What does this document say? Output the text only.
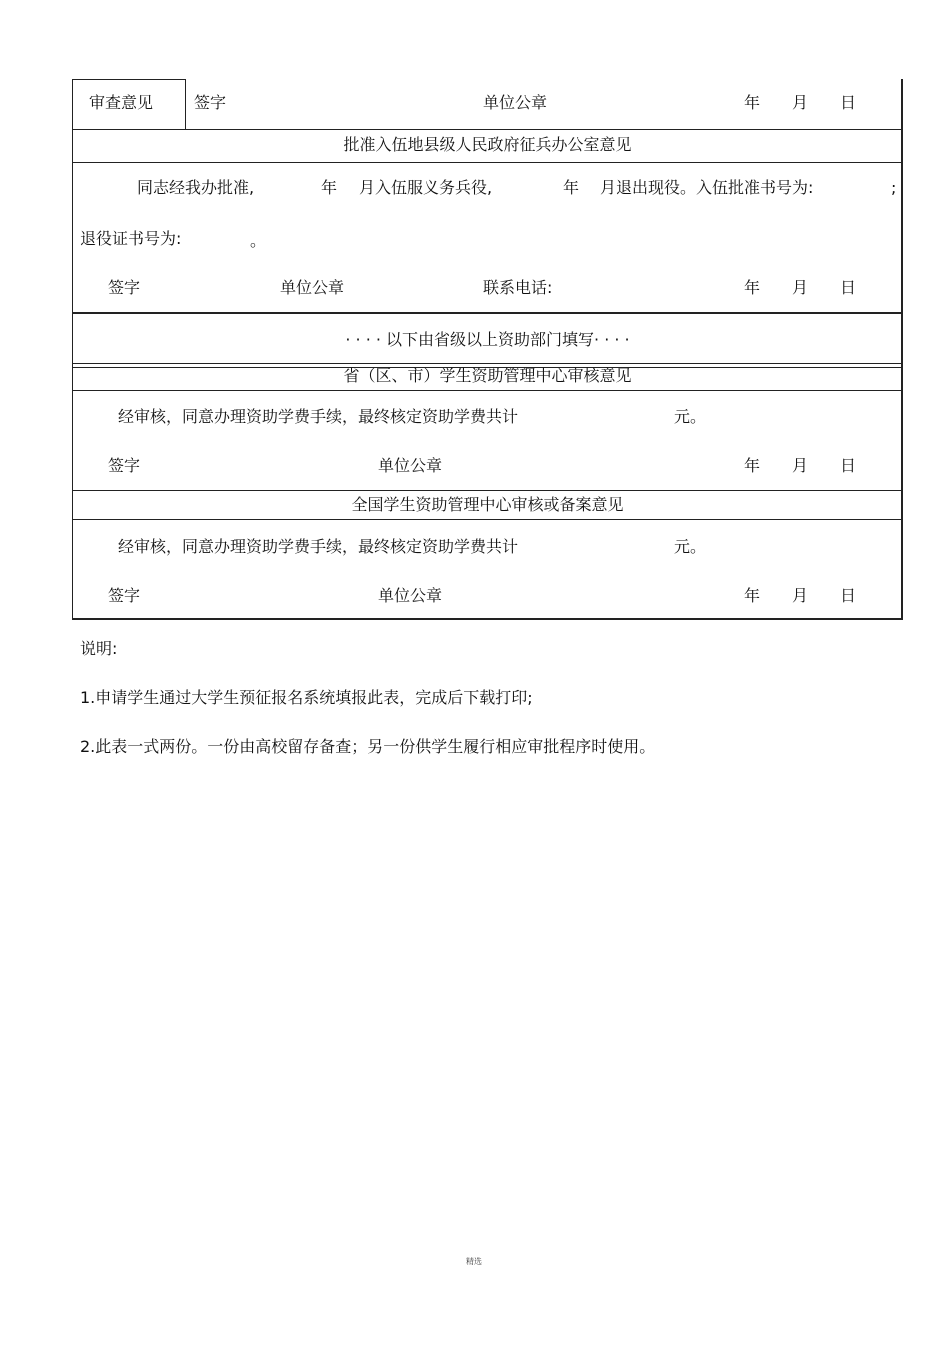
审查意见	签字	单位公章	年 月 日
批准入伍地县级人民政府征兵办公室意见
同志经我办批准,	年 月入伍服义务兵役,	年 月退出现役。入伍批准书号为:	;
退役证书号为:	。
签字	单位公章	联系电话:	年 月 日
· · · · 以下由省级以上资助部门填写· · · ·
省（区、市）学生资助管理中心审核意见
经审核，同意办理资助学费手续，最终核定资助学费共计	元。
签字	单位公章	年 月 日
全国学生资助管理中心审核或备案意见
经审核，同意办理资助学费手续，最终核定资助学费共计	元。
签字	单位公章	年 月 日
说明:
1.申请学生通过大学生预征报名系统填报此表，完成后下载打印;
2.此表一式两份。一份由高校留存备查；另一份供学生履行相应审批程序时使用。
精选
